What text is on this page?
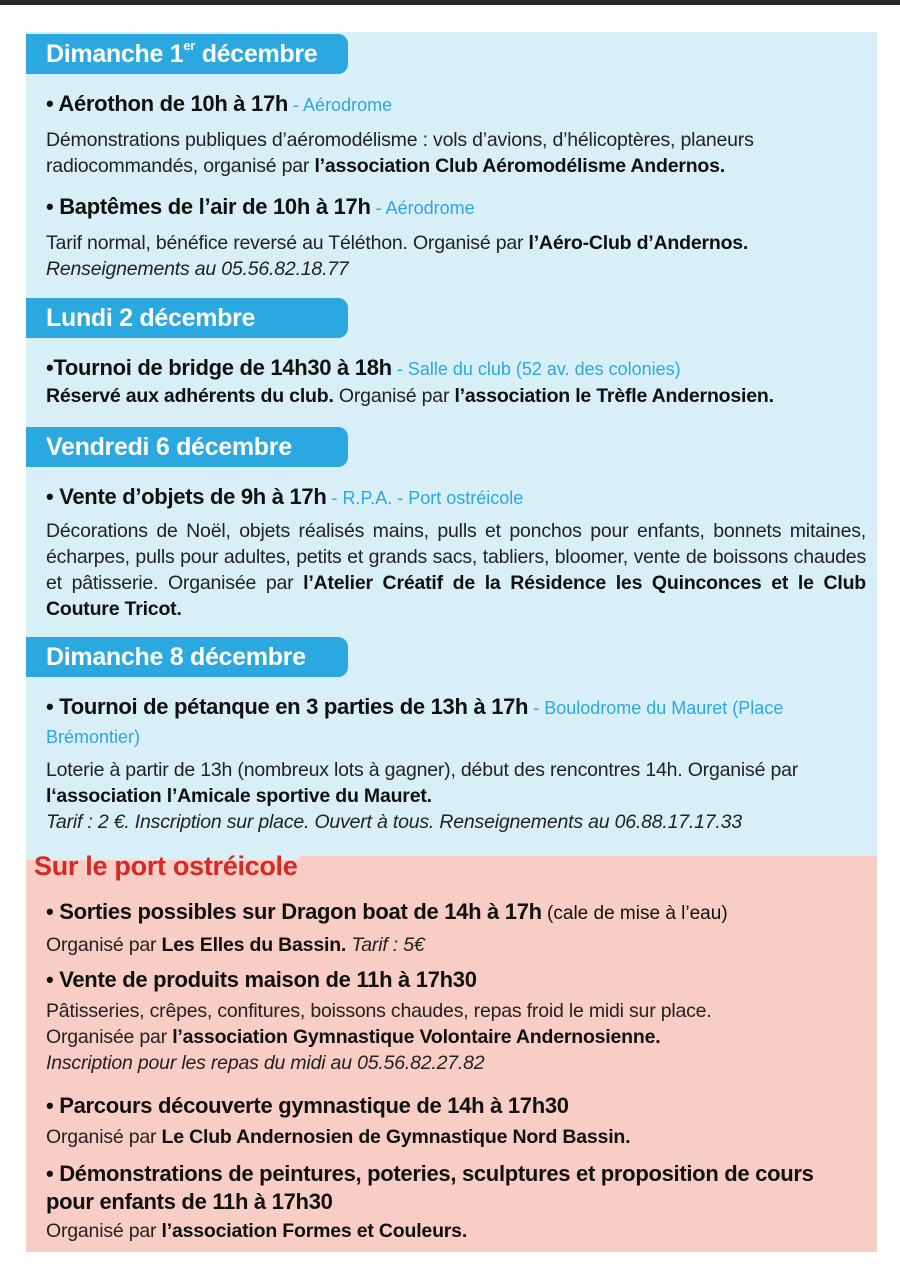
Dimanche 1er décembre
• Aérothon de 10h à 17h - Aérodrome
Démonstrations publiques d’aéromodélisme : vols d’avions, d’hélicoptères, planeurs radiocommandés, organisé par l’association Club Aéromodélisme Andernos.
• Baptêmes de l’air de 10h à 17h - Aérodrome
Tarif normal, bénéfice reversé au Téléthon. Organisé par l’Aéro-Club d’Andernos.
Renseignements au 05.56.82.18.77
Lundi 2 décembre
•Tournoi de bridge de 14h30 à 18h - Salle du club (52 av. des colonies)
Réservé aux adhérents du club. Organisé par l’association le Trèfle Andernosien.
Vendredi 6 décembre
• Vente d’objets de 9h à 17h - R.P.A. - Port ostréicole
Décorations de Noël, objets réalisés mains, pulls et ponchos pour enfants, bonnets mitaines, écharpes, pulls pour adultes, petits et grands sacs, tabliers, bloomer, vente de boissons chaudes et pâtisserie. Organisée par l’Atelier Créatif de la Résidence les Quinconces et le Club Couture Tricot.
Dimanche 8 décembre
• Tournoi de pétanque en 3 parties de 13h à 17h - Boulodrome du Mauret (Place Brémontier)
Loterie à partir de 13h (nombreux lots à gagner), début des rencontres 14h. Organisé par l‘association l’Amicale sportive du Mauret.
Tarif : 2 €. Inscription sur place. Ouvert à tous. Renseignements au 06.88.17.17.33
Sur le port ostréicole
• Sorties possibles sur Dragon boat de 14h à 17h (cale de mise à l’eau)
Organisé par Les Elles du Bassin. Tarif : 5€
• Vente de produits maison de 11h à 17h30
Pâtisseries, crêpes, confitures, boissons chaudes, repas froid le midi sur place.
Organisée par l’association Gymnastique Volontaire Andernosienne.
Inscription pour les repas du midi au 05.56.82.27.82
• Parcours découverte gymnastique de 14h à 17h30
Organisé par Le Club Andernosien de Gymnastique Nord Bassin.
• Démonstrations de peintures, poteries, sculptures et proposition de cours pour enfants de 11h à 17h30
Organisé par l’association Formes et Couleurs.
